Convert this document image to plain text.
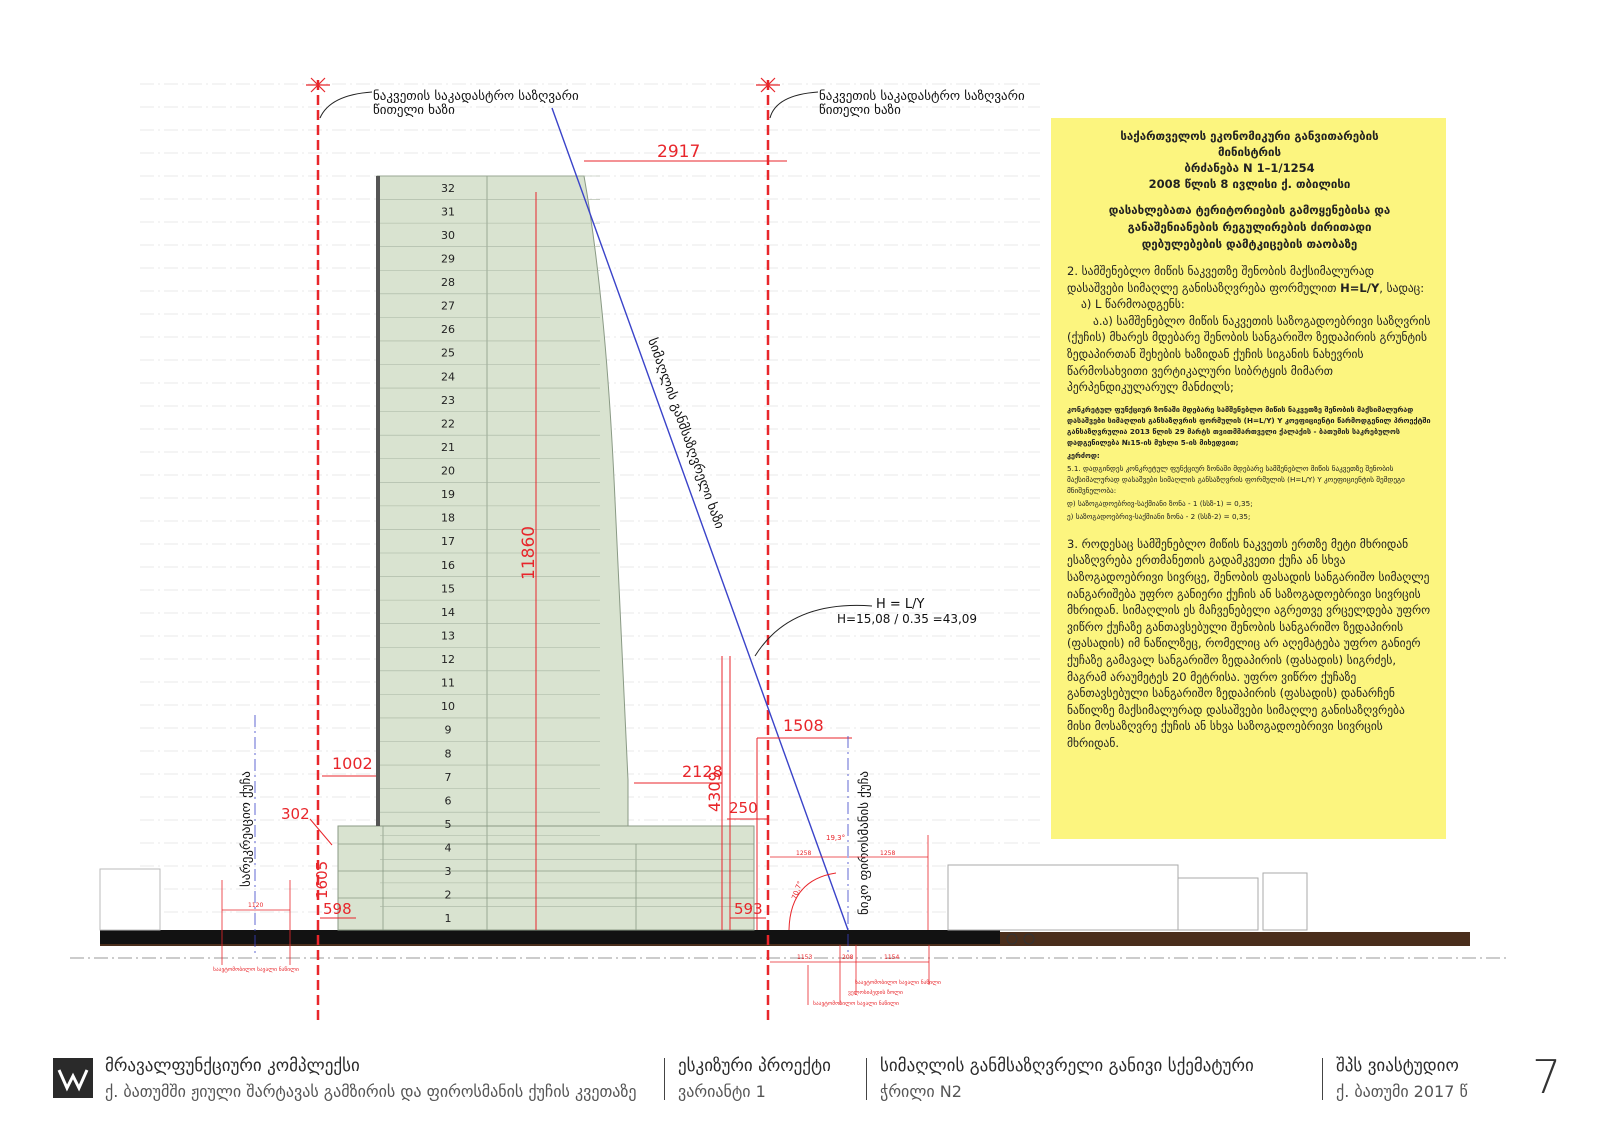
32
31
30
29
28
27
26
25
24
23
22
21
20
19
18
17
16
15
14
13
12
11
10
9
8
7
6
5
4
3
2
1
ნაკვეთის საკადასტრო საზღვარი
წითელი ხაზი
ნაკვეთის საკადასტრო საზღვარი
წითელი ხაზი
სიმაღლის განმსაზღვრელი ხაზი
H = L/Y
H=15,08 / 0.35 =43,09
2917
11860
1508
2128
4309 250
1002
302
1605
598	593
სარეკრეაციო ქუჩა
1120
საავტომობილო სავალი ნაწილი
ნიკო ფიროსმანის ქუჩა
1258	1258
19,3°
70,7°
1153	208	1154
საავტომობილო სავალი ნაწილი
ველოსიპედის ზოლი
საავტომობილო სავალი ნაწილი
საქართველოს ეკონომიკური განვითარების
მინისტრის
ბრძანება N 1–1/1254
2008 წლის 8 ივლისი ქ. თბილისი
დასახლებათა ტერიტორიების გამოყენებისა და
განაშენიანების რეგულირების ძირითადი
დებულებების დამტკიცების თაობაზე
2. სამშენებლო მიწის ნაკვეთზე შენობის მაქსიმალურად დასაშვები სიმაღლე განისაზღვრება ფორმულით H=L/Y, სადაც:
ა) L წარმოადგენს:
ა.ა) სამშენებლო მიწის ნაკვეთის საზოგადოებრივი საზღვრის (ქუჩის) მხარეს მდებარე შენობის სანგარიშო ზედაპირის გრუნტის ზედაპირთან შეხების ხაზიდან ქუჩის სიგანის ნახევრის წარმოსახვითი ვერტიკალური სიბრტყის მიმართ პერპენდიკულარულ მანძილს;
კონკრეტულ ფუნქციურ ზონაში მდებარე სამშენებლო მიწის ნაკვეთზე შენობის მაქსიმალურად დასაშვები სიმაღლის განსაზღვრის ფორმულის (H=L/Y) Y კოეფიციენტი წარმოდგენილ პროექტში განსაზღვრულია 2013 წლის 29 მარტს თვითმმართველი ქალაქის - ბათუმის საკრებულოს დადგენილება №15-ის მუხლი 5-ის მიხედვით;
კერძოდ:
5.1. დადგინდეს კონკრეტულ ფუნქციურ ზონაში მდებარე სამშენებლო მიწის ნაკვეთზე შენობის მაქსიმალურად დასაშვები სიმაღლის განსაზღვრის ფორმულის (H=L/Y) Y კოეფიციენტის შემდეგი მნიშვნელობა:
დ) საზოგადოებრივ-საქმიანი ზონა - 1 (სსზ-1) = 0,35;
ე) საზოგადოებრივ-საქმიანი ზონა - 2 (სსზ-2) = 0,35;
3. როდესაც სამშენებლო მიწის ნაკვეთს ერთზე მეტი მხრიდან ესაზღვრება ერთმანეთის გადამკვეთი ქუჩა ან სხვა საზოგადოებრივი სივრცე, შენობის ფასადის სანგარიშო სიმაღლე იანგარიშება უფრო განიერი ქუჩის ან საზოგადოებრივი სივრცის მხრიდან. სიმაღლის ეს მაჩვენებელი აგრეთვე ვრცელდება უფრო ვიწრო ქუჩაზე განთავსებული შენობის სანგარიშო ზედაპირის (ფასადის) იმ ნაწილზეც, რომელიც არ აღემატება უფრო განიერ ქუჩაზე გამავალ სანგარიშო ზედაპირის (ფასადის) სიგრძეს, მაგრამ არაუმეტეს 20 მეტრისა. უფრო ვიწრო ქუჩაზე განთავსებული სანგარიშო ზედაპირის (ფასადის) დანარჩენ ნაწილზე მაქსიმალურად დასაშვები სიმაღლე განისაზღვრება მისი მოსაზღვრე ქუჩის ან სხვა საზოგადოებრივი სივრცის მხრიდან.
მრავალფუნქციური კომპლექსი
ქ. ბათუმში ჟიული შარტავას გამზირის და ფიროსმანის ქუჩის კვეთაზე
ესკიზური პროექტი
ვარიანტი 1
სიმაღლის განმსაზღვრელი განივი სქემატური
ჭრილი N2
შპს ვიასტუდიო
ქ. ბათუმი 2017 წ 7
